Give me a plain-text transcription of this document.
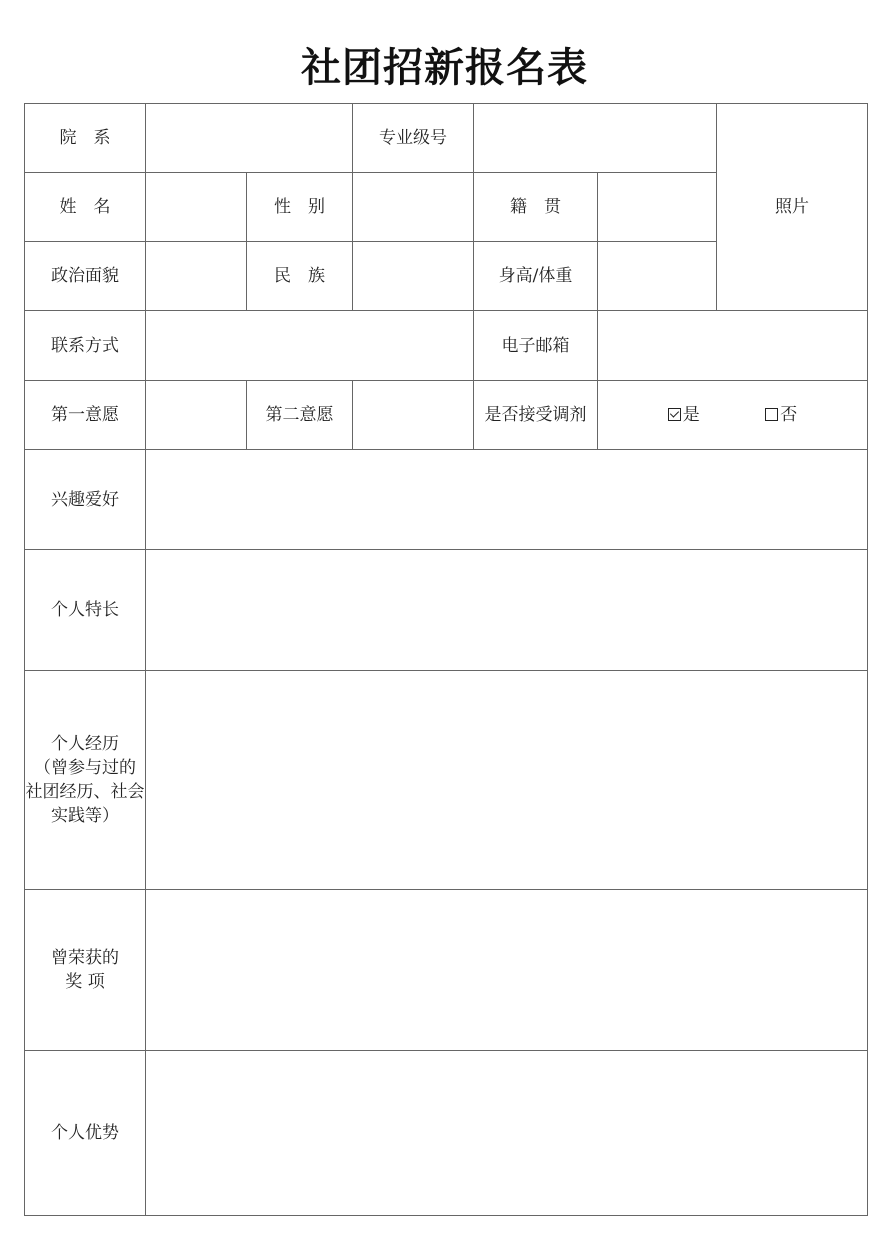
社团招新报名表
院　系			专业级号			照片
姓　名		性　别		籍　贯		
政治面貌		民　族		身高/体重		
联系方式				电子邮箱		
第一意愿		第二意愿		是否接受调剂	是 否	
兴趣爱好						
个人特长						
个人经历
（曾参与过的
社团经历、社会
实践等）						
曾荣获的
奖 项						
个人优势						
